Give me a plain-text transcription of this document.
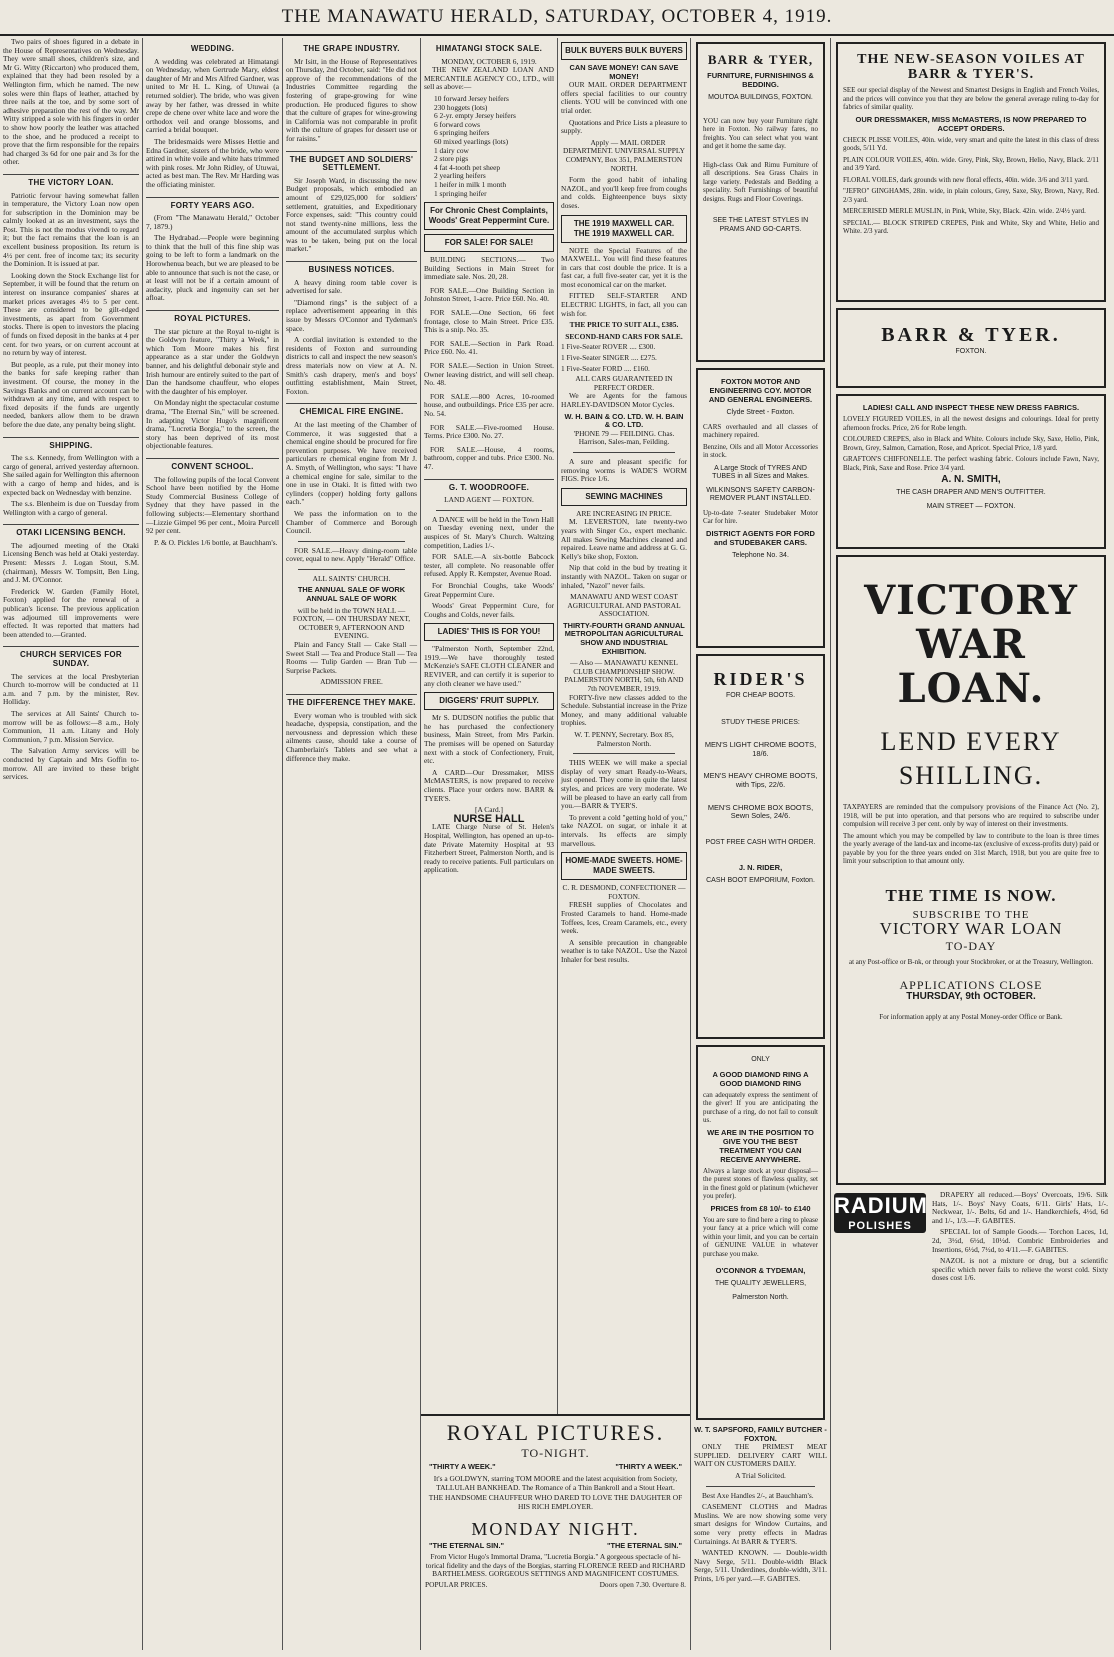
THE MANAWATU HERALD, SATURDAY, OCTOBER 4, 1919.

Two pairs of shoes figured in a debate in the House of Representatives on Wednesday. They were small shoes, children's size, and Mr G. Witty (Riccarton) who produced them, explained that they had been resoled by a Wellington firm, which he named. The new soles were thin flaps of leather, attached by three nails at the toe, and by some sort of adhesive preparation the rest of the way. Mr Witty stripped a sole with his fingers in order to show how poorly the leather was attached to the shoe, and he produced a receipt to prove that the firm responsible for the repairs had charged 3s 6d for one pair and 3s for the other.

THE VICTORY LOAN.

Patriotic fervour having somewhat fallen in temperature, the Victory Loan now open for subscription in the Dominion may be calmly looked at as an investment, says the Post. This is not the modus vivendi to regard it; but the fact remains that the loan is an excellent business proposition. Its return is 4½ per cent. free of income tax; its security the Dominion. It is issued at par.

Looking down the Stock Exchange list for September, it will be found that the return on interest on insurance companies' shares at market prices averages 4½ to 5 per cent. These are considered to be gilt-edged investments, as apart from Government stocks. There is open to investors the placing of funds on fixed deposit in the banks at 4 per cent. for two years, or on current account at no return by way of interest.

But people, as a rule, put their money into the banks for safe keeping rather than investment. Of course, the money in the Savings Banks and on current account can be withdrawn at any time, and with respect to fixed deposits if the funds are urgently needed, bankers allow them to be drawn before the due date, any penalty being slight.

SHIPPING.

The s.s. Kennedy, from Wellington with a cargo of general, arrived yesterday afternoon. She sailed again for Wellington this afternoon with a cargo of hemp and hides, and is expected back on Wednesday with benzine.

The s.s. Blenheim is due on Tuesday from Wellington with a cargo of general.

OTAKI LICENSING BENCH.

The adjourned meeting of the Otaki Licensing Bench was held at Otaki yesterday. Present: Messrs J. Logan Stout, S.M. (chairman), Messrs W. Tompsitt, Ben Ling, and J. M. O'Connor.

Frederick W. Garden (Family Hotel, Foxton) applied for the renewal of a publican's license. The previous application was adjourned till improvements were effected. It was reported that matters had been attended to.—Granted.

CHURCH SERVICES FOR SUNDAY.

The services at the local Presbyterian Church to-morrow will be conducted at 11 a.m. and 7 p.m. by the minister, Rev. Holliday.

The services at All Saints' Church to-morrow will be as follows:—8 a.m., Holy Communion, 11 a.m. Litany and Holy Communion, 7 p.m. Mission Service.

The Salvation Army services will be conducted by Captain and Mrs Goffin to-morrow. All are invited to these bright services.

WEDDING.

A wedding was celebrated at Himatangi on Wednesday, when Gertrude Mary, eldest daughter of Mr and Mrs Alfred Gardner, was united to Mr H. L. King, of Utuwai (a returned soldier). The bride, who was given away by her father, was dressed in white crepe de chene over white lace and wore the orthodox veil and orange blossoms, and carried a bridal bouquet.

The bridesmaids were Misses Hettie and Edna Gardner, sisters of the bride, who were attired in white voile and white hats trimmed with pink roses. Mr John Ridley, of Utuwai, acted as best man. The Rev. Mr Harding was the officiating minister.

FORTY YEARS AGO.

(From "The Manawatu Herald," October 7, 1879.)

The Hydrabad.—People were beginning to think that the hull of this fine ship was going to be left to form a landmark on the Horowhenua beach, but we are pleased to be able to announce that such is not the case, or at least will not be if a certain amount of audacity, pluck and ingenuity can set her afloat.

ROYAL PICTURES.

The star picture at the Royal to-night is the Goldwyn feature, "Thirty a Week," in which Tom Moore makes his first appearance as a star under the Goldwyn banner, and his delightful debonair style and Irish humour are entirely suited to the part of Dan the handsome chauffeur, who elopes with the daughter of his employer.

On Monday night the spectacular costume drama, "The Eternal Sin," will be screened. In adapting Victor Hugo's magnificent drama, "Lucretia Borgia," to the screen, the story has been deprived of its most objectionable features.

CONVENT SCHOOL.

The following pupils of the local Convent School have been notified by the Home Study Commercial Business College of Sydney that they have passed in the following subjects:—Elementary shorthand—Lizzie Gimpel 96 per cent., Moira Purcell 92 per cent.

P. & O. Pickles 1/6 bottle, at Bauchham's.

THE GRAPE INDUSTRY.

Mr Isitt, in the House of Representatives on Thursday, 2nd October, said: "He did not approve of the recommendations of the Industries Committee regarding the fostering of grape-growing for wine production. He produced figures to show that the culture of grapes for wine-growing in California was not comparable in profit with the culture of grapes for dessert use or for raisins."

THE BUDGET AND SOLDIERS' SETTLEMENT.

Sir Joseph Ward, in discussing the new Budget proposals, which embodied an amount of £29,025,000 for soldiers' settlement, gratuities, and Expeditionary Force expenses, said: "This country could not stand twenty-nine millions, less the amount of the accumulated surplus which was to be taken, being put on the local market."

BUSINESS NOTICES.

A heavy dining room table cover is advertised for sale.

"Diamond rings" is the subject of a replace advertisement appearing in this issue by Messrs O'Connor and Tydeman's space.

A cordial invitation is extended to the residents of Foxton and surrounding districts to call and inspect the new season's dress materials now on view at A. N. Smith's cash drapery, men's and boys' outfitting establishment, Main Street, Foxton.

CHEMICAL FIRE ENGINE.

At the last meeting of the Chamber of Commerce, it was suggested that a chemical engine should be procured for fire prevention purposes. We have received particulars re chemical engine from Mr J. A. Smyth, of Wellington, who says: "I have a chemical engine for sale, similar to the one in use in Otaki. It is fitted with two cylinders (copper) holding forty gallons each."

We pass the information on to the Chamber of Commerce and Borough Council.

FOR SALE.—Heavy dining-room table cover, equal to new. Apply "Herald" Office.

ALL SAINTS' CHURCH.
THE ANNUAL SALE OF WORK ANNUAL SALE OF WORK
will be held in the TOWN HALL — FOXTON, — ON THURSDAY NEXT, OCTOBER 9, AFTERNOON AND EVENING.

Plain and Fancy Stall — Cake Stall — Sweet Stall — Tea and Produce Stall — Tea Rooms — Tulip Garden — Bran Tub — Surprise Packets.

ADMISSION FREE.
THE DIFFERENCE THEY MAKE.

Every woman who is troubled with sick headache, dyspepsia, constipation, and the nervousness and depression which these ailments cause, should take a course of Chamberlain's Tablets and see what a difference they make.

HIMATANGI STOCK SALE.
MONDAY, OCTOBER 6, 1919.

THE NEW ZEALAND LOAN AND MERCANTILE AGENCY CO., LTD., will sell as above:—

10 forward Jersey heifers
230 hoggets (lots)
6 2-yr. empty Jersey heifers
6 forward cows
6 springing heifers
60 mixed yearlings (lots)
1 dairy cow
2 store pigs
4 fat 4-tooth pet sheep
2 yearling heifers
1 heifer in milk 1 month
1 springing heifer
For Chronic Chest Complaints, Woods' Great Peppermint Cure.
FOR SALE! FOR SALE!
BUILDING SECTIONS.— Two Building Sections in Main Street for immediate sale. Nos. 20, 28.
FOR SALE.—One Building Section in Johnston Street, 1-acre. Price £60. No. 40.
FOR SALE.—One Section, 66 feet frontage, close to Main Street. Price £35. This is a snip. No. 35.
FOR SALE.—Section in Park Road. Price £60. No. 41.
FOR SALE.—Section in Union Street. Owner leaving district, and will sell cheap. No. 48.
FOR SALE.—800 Acres, 10-roomed house, and outbuildings. Price £35 per acre. No. 54.
FOR SALE.—Five-roomed House. Terms. Price £300. No. 27.
FOR SALE.—House, 4 rooms, bathroom, copper and tubs. Price £300. No. 47.
G. T. WOODROOFE.
LAND AGENT — FOXTON.

A DANCE will be held in the Town Hall on Tuesday evening next, under the auspices of St. Mary's Church. Waltzing competition, Ladies 1/-.

FOR SALE.—A six-bottle Babcock tester, all complete. No reasonable offer refused. Apply R. Kempster, Avenue Road.

For Bronchial Coughs, take Woods' Great Peppermint Cure.

Woods' Great Peppermint Cure, for Coughs and Colds, never fails.

LADIES' THIS IS FOR YOU!

"Palmerston North, September 22nd, 1919.—We have thoroughly tested McKenzie's SAFE CLOTH CLEANER and REVIVER, and can certify it is superior to any cloth cleaner we have used."

DIGGERS' FRUIT SUPPLY.

Mr S. DUDSON notifies the public that he has purchased the confectionery business, Main Street, from Mrs Parkin. The premises will be opened on Saturday next with a stock of Confectionery, Fruit, etc.

A CARD—Our Dressmaker, MISS McMASTERS, is now prepared to receive clients. Place your orders now. BARR & TYER'S.

[A Card.]
NURSE HALL

LATE Charge Nurse of St. Helen's Hospital, Wellington, has opened an up-to-date Private Maternity Hospital at 93 Fitzherbert Street, Palmerston North, and is ready to receive patients. Full particulars on application.

BULK BUYERS BULK BUYERS
CAN SAVE MONEY! CAN SAVE MONEY!

OUR MAIL ORDER DEPARTMENT offers special facilities to our country clients. YOU will be convinced with one trial order.

Quotations and Price Lists a pleasure to supply.

Apply — MAIL ORDER DEPARTMENT. UNIVERSAL SUPPLY COMPANY, Box 351, PALMERSTON NORTH.

Form the good habit of inhaling NAZOL, and you'll keep free from coughs and colds. Eighteenpence buys sixty doses.

THE 1919 MAXWELL CAR. THE 1919 MAXWELL CAR.

NOTE the Special Features of the MAXWELL. You will find these features in cars that cost double the price. It is a fast car, a full five-seater car, yet it is the most economical car on the market.

FITTED SELF-STARTER AND ELECTRIC LIGHTS, in fact, all you can wish for.

THE PRICE TO SUIT ALL, £385.
SECOND-HAND CARS FOR SALE.
1 Five-Seater ROVER .... £300.
1 Five-Seater SINGER .... £275.
1 Five-Seater FORD .... £160.
ALL CARS GUARANTEED IN PERFECT ORDER.

We are Agents for the famous HARLEY-DAVIDSON Motor Cycles.

W. H. BAIN & CO. LTD. W. H. BAIN & CO. LTD.
'PHONE 79 — FEILDING. Chas. Harrison, Sales-man, Feilding.

A sure and pleasant specific for removing worms is WADE'S WORM FIGS. Price 1/6.

SEWING MACHINES
ARE INCREASING IN PRICE.

M. LEVERSTON, late twenty-two years with Singer Co., expert mechanic. All makes Sewing Machines cleaned and repaired. Leave name and address at G. G. Kelly's bike shop, Foxton.

Nip that cold in the bud by treating it instantly with NAZOL. Taken on sugar or inhaled, "Nazol" never fails.

MANAWATU AND WEST COAST AGRICULTURAL AND PASTORAL ASSOCIATION.
THIRTY-FOURTH GRAND ANNUAL METROPOLITAN AGRICULTURAL SHOW AND INDUSTRIAL EXHIBITION.
— Also — MANAWATU KENNEL CLUB CHAMPIONSHIP SHOW.
PALMERSTON NORTH, 5th, 6th AND 7th NOVEMBER, 1919.

FORTY-five new classes added to the Schedule. Substantial increase in the Prize Money, and many additional valuable trophies.

W. T. PENNY, Secretary. Box 85, Palmerston North.

THIS WEEK we will make a special display of very smart Ready-to-Wears, just opened. They come in quite the latest styles, and prices are very moderate. We will be pleased to have an early call from you.—BARR & TYER'S.

To prevent a cold "getting hold of you," take NAZOL on sugar, or inhale it at intervals. Its effects are simply marvellous.

HOME-MADE SWEETS. HOME-MADE SWEETS.
C. R. DESMOND, CONFECTIONER — FOXTON.

FRESH supplies of Chocolates and Frosted Caramels to hand. Home-made Toffees, Ices, Cream Caramels, etc., every week.

A sensible precaution in changeable weather is to take NAZOL. Use the Nazol Inhaler for best results.

ROYAL PICTURES.
TO-NIGHT.
"THIRTY A WEEK."	"THIRTY A WEEK."
It's a GOLDWYN, starring TOM MOORE and the latest acquisition from Society, TALLULAH BANKHEAD. The Romance of a Thin Bankroll and a Stout Heart.
THE HANDSOME CHAUFFEUR WHO DARED TO LOVE THE DAUGHTER OF HIS RICH EMPLOYER.
MONDAY NIGHT.
"THE ETERNAL SIN."	"THE ETERNAL SIN."
From Victor Hugo's Immortal Drama, "Lucretia Borgia." A gorgeous spectacle of hi-torical fidelity and the days of the Borgias, starring FLORENCE REED and RICHARD BARTHELMESS. GORGEOUS SETTINGS AND MAGNIFICENT COSTUMES.
POPULAR PRICES.	Doors open 7.30. Overture 8.
BARR & TYER,
FURNITURE, FURNISHINGS & BEDDING.
MOUTOA BUILDINGS, FOXTON.
YOU can now buy your Furniture right here in Foxton. No railway fares, no freights. You can select what you want and get it home the same day.
High-class Oak and Rimu Furniture of all descriptions. Sea Grass Chairs in large variety. Pedestals and Bedding a speciality. Soft Furnishings of beautiful designs. Rugs and Floor Coverings.
SEE THE LATEST STYLES IN PRAMS AND GO-CARTS.
FOXTON MOTOR AND ENGINEERING COY. MOTOR AND GENERAL ENGINEERS.
Clyde Street - Foxton.
CARS overhauled and all classes of machinery repaired.
Benzine, Oils and all Motor Accessories in stock.
A Large Stock of TYRES AND TUBES in all Sizes and Makes.
WILKINSON'S SAFETY CARBON-REMOVER PLANT INSTALLED.
Up-to-date 7-seater Studebaker Motor Car for hire.
DISTRICT AGENTS FOR FORD and STUDEBAKER CARS.
Telephone No. 34.
RIDER'S
FOR CHEAP BOOTS.
STUDY THESE PRICES:
MEN'S LIGHT CHROME BOOTS, 18/6.
MEN'S HEAVY CHROME BOOTS, with Tips, 22/6.
MEN'S CHROME BOX BOOTS, Sewn Soles, 24/6.
POST FREE CASH WITH ORDER.
J. N. RIDER,
CASH BOOT EMPORIUM, Foxton.
ONLY
A GOOD DIAMOND RING A GOOD DIAMOND RING
can adequately express the sentiment of the giver! If you are anticipating the purchase of a ring, do not fail to consult us.
WE ARE IN THE POSITION TO GIVE YOU THE BEST TREATMENT YOU CAN RECEIVE ANYWHERE.
Always a large stock at your disposal—the purest stones of flawless quality, set in the finest gold or platinum (whichever you prefer).
PRICES from £8 10/- to £140
You are sure to find here a ring to please your fancy at a price which will come within your limit, and you can be certain of GENUINE VALUE in whatever purchase you make.
O'CONNOR & TYDEMAN,
THE QUALITY JEWELLERS,
Palmerston North.
W. T. SAPSFORD, FAMILY BUTCHER - FOXTON.

ONLY THE PRIMEST MEAT SUPPLIED. DELIVERY CART WILL WAIT ON CUSTOMERS DAILY.

A Trial Solicited.

Best Axe Handles 2/-, at Bauchham's.

CASEMENT CLOTHS and Madras Muslins. We are now showing some very smart designs for Window Curtains, and some very pretty effects in Madras Curtainings. At BARR & TYER'S.

WANTED KNOWN. — Double-width Navy Serge, 5/11. Double-width Black Serge, 5/11. Underdines, double-width, 3/11. Prints, 1/6 per yard.—F. GABITES.

THE NEW-SEASON VOILES AT BARR & TYER'S.
SEE our special display of the Newest and Smartest Designs in English and French Voiles, and the prices will convince you that they are below the general average ruling to-day for fabrics of similar quality.
OUR DRESSMAKER, MISS McMASTERS, IS NOW PREPARED TO ACCEPT ORDERS.
CHECK PLISSE VOILES, 40in. wide, very smart and quite the latest in this class of dress goods, 5/11 Yd.
PLAIN COLOUR VOILES, 40in. wide. Grey, Pink, Sky, Brown, Helio, Navy, Black. 2/11 and 3/9 Yard.
FLORAL VOILES, dark grounds with new floral effects, 40in. wide. 3/6 and 3/11 yard.
"JEFRO" GINGHAMS, 28in. wide, in plain colours, Grey, Saxe, Sky, Brown, Navy, Red. 2/3 yard.
MERCERISED MERLE MUSLIN, in Pink, White, Sky, Black. 42in. wide. 2/4½ yard.
SPECIAL.— BLOCK STRIPED CREPES, Pink and White, Sky and White, Helio and White. 2/3 yard.
BARR & TYER.
FOXTON.
LADIES! CALL AND INSPECT THESE NEW DRESS FABRICS.
LOVELY FIGURED VOILES, in all the newest designs and colourings. Ideal for pretty afternoon frocks. Price, 2/6 for Robe length.
COLOURED CREPES, also in Black and White. Colours include Sky, Saxe, Helio, Pink, Brown, Grey, Salmon, Carnation, Rose, and Apricot. Special Price, 1/8 yard.
GRAFTON'S CHIFFONELLE. The perfect washing fabric. Colours include Fawn, Navy, Black, Pink, Saxe and Rose. Price 3/4 yard.
A. N. SMITH,
THE CASH DRAPER AND MEN'S OUTFITTER.
MAIN STREET — FOXTON.
VICTORY
WAR LOAN.
LEND EVERY
SHILLING.
TAXPAYERS are reminded that the compulsory provisions of the Finance Act (No. 2), 1918, will be put into operation, and that persons who are required to subscribe under compulsion will receive 3 per cent. only by way of interest on their investments.
The amount which you may be compelled by law to contribute to the loan is three times the yearly average of the land-tax and income-tax (exclusive of excess-profits duty) paid or payable by you for the three years ended on 31st March, 1918, but you are quite free to limit your subscription to that amount only.
THE TIME IS NOW.
SUBSCRIBE TO THE
VICTORY WAR LOAN
TO-DAY
at any Post-office or B-nk, or through your Stockbroker, or at the Treasury, Wellington.
APPLICATIONS CLOSE
THURSDAY, 9th OCTOBER.
For information apply at any Postal Money-order Office or Bank.
RADIUM
POLISHES

DRAPERY all reduced.—Boys' Overcoats, 19/6. Silk Hats, 1/-. Boys' Navy Coats, 6/11. Girls' Hats, 1/-. Neckwear, 1/-. Belts, 6d and 1/-. Handkerchiefs, 4½d, 6d and 1/-, 1/3.—F. GABITES.

SPECIAL lot of Sample Goods.— Torchon Laces, 1d, 2d, 3½d, 6½d, 10½d. Combric Embroideries and Insertions, 6½d, 7½d, to 4/11.—F. GABITES.

NAZOL is not a mixture or drug, but a scientific specific which never fails to relieve the worst cold. Sixty doses cost 1/6.
